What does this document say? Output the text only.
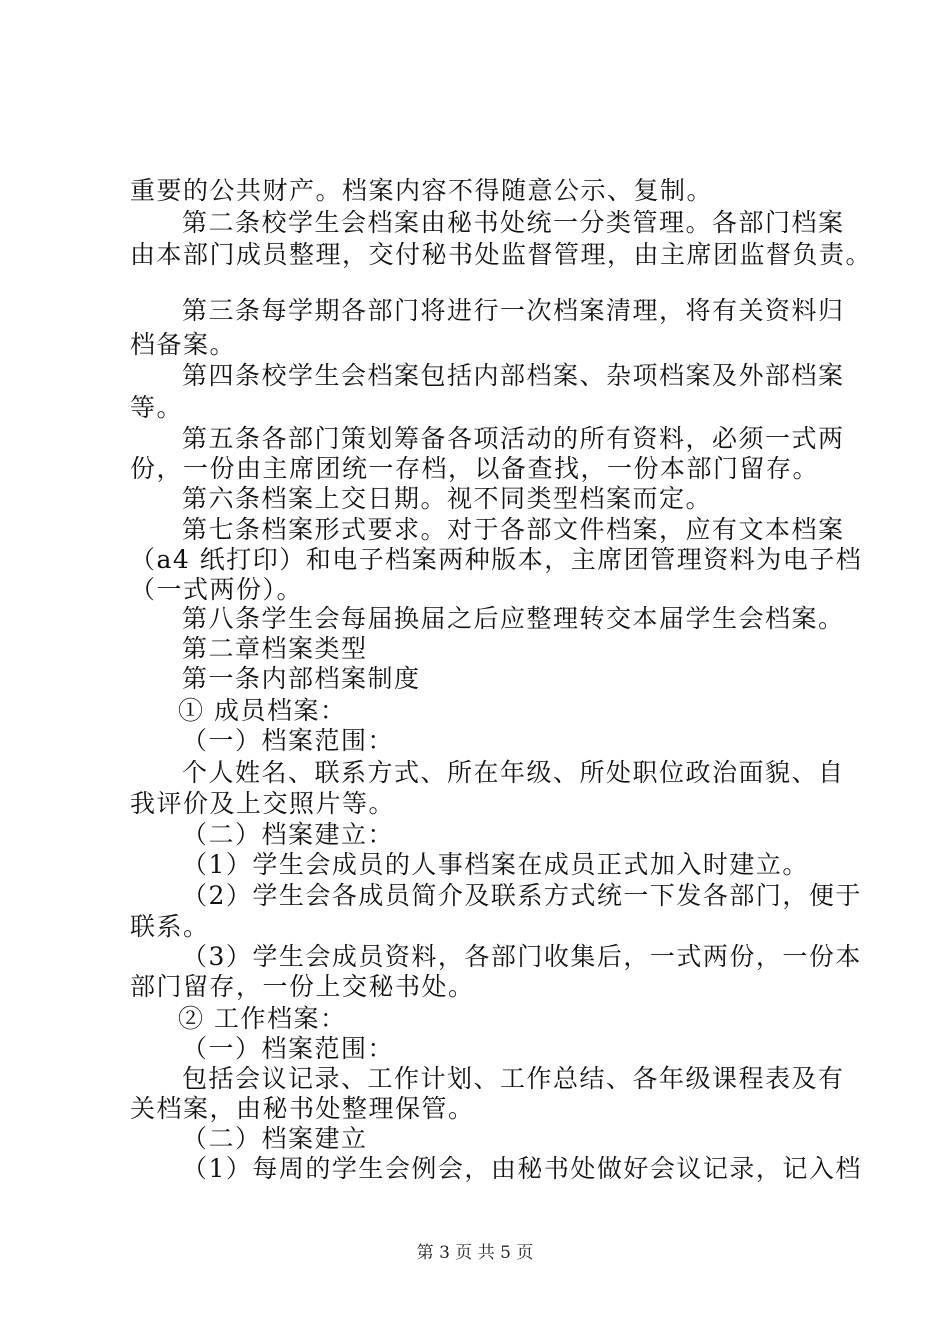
重要的公共财产。档案内容不得随意公示、复制。
第二条校学生会档案由秘书处统一分类管理。各部门档案
由本部门成员整理，交付秘书处监督管理，由主席团监督负责。
第三条每学期各部门将进行一次档案清理，将有关资料归
档备案。
第四条校学生会档案包括内部档案、杂项档案及外部档案
等。
第五条各部门策划筹备各项活动的所有资料，必须一式两
份，一份由主席团统一存档，以备查找，一份本部门留存。
第六条档案上交日期。视不同类型档案而定。
第七条档案形式要求。对于各部文件档案，应有文本档案
（a4 纸打印）和电子档案两种版本，主席团管理资料为电子档
（一式两份）。
第八条学生会每届换届之后应整理转交本届学生会档案。
第二章档案类型
第一条内部档案制度
① 成员档案：
（一）档案范围：
个人姓名、联系方式、所在年级、所处职位政治面貌、自
我评价及上交照片等。
（二）档案建立：
（1）学生会成员的人事档案在成员正式加入时建立。
（2）学生会各成员简介及联系方式统一下发各部门，便于
联系。
（3）学生会成员资料，各部门收集后，一式两份，一份本
部门留存，一份上交秘书处。
② 工作档案：
（一）档案范围：
包括会议记录、工作计划、工作总结、各年级课程表及有
关档案，由秘书处整理保管。
（二）档案建立
（1）每周的学生会例会，由秘书处做好会议记录，记入档
第 3 页 共 5 页
